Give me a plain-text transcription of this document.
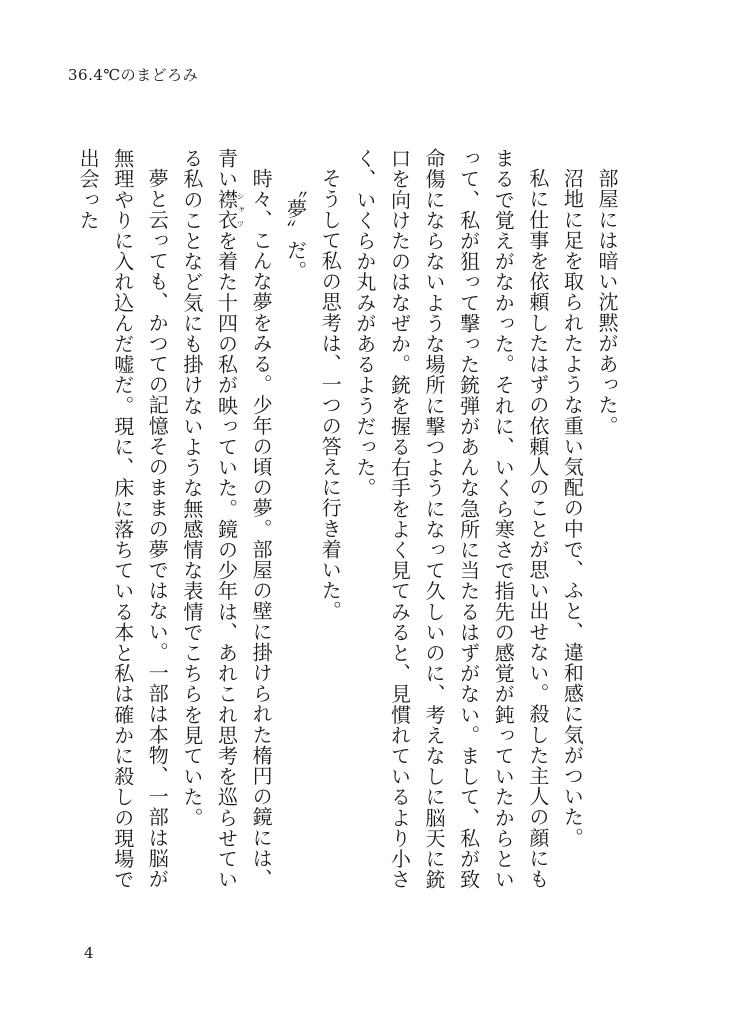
36.4℃のまどろみ

部屋には暗い沈黙があった。

沼地に足を取られたような重い気配の中で、ふと、違和感に気がついた。

私に仕事を依頼したはずの依頼人のことが思い出せない。殺した主人の顔にもまるで覚えがなかった。それに、いくら寒さで指先の感覚が鈍っていたからといって、私が狙って撃った銃弾があんな急所に当たるはずがない。まして、私が致命傷にならないような場所に撃つようになって久しいのに、考えなしに脳天に銃口を向けたのはなぜか。銃を握る右手をよく見てみると、見慣れているより小さく、いくらか丸みがあるようだった。

そうして私の思考は、一つの答えに行き着いた。

〝夢〟だ。

時々、こんな夢をみる。少年の頃の夢。部屋の壁に掛けられた楕円の鏡には、青い襟衣シャツを着た十四の私が映っていた。鏡の少年は、あれこれ思考を巡らせている私のことなど気にも掛けないような無感情な表情でこちらを見ていた。

夢と云っても、かつての記憶そのままの夢ではない。一部は本物、一部は脳が無理やりに入れ込んだ嘘だ。現に、床に落ちている本と私は確かに殺しの現場で出会った

4
